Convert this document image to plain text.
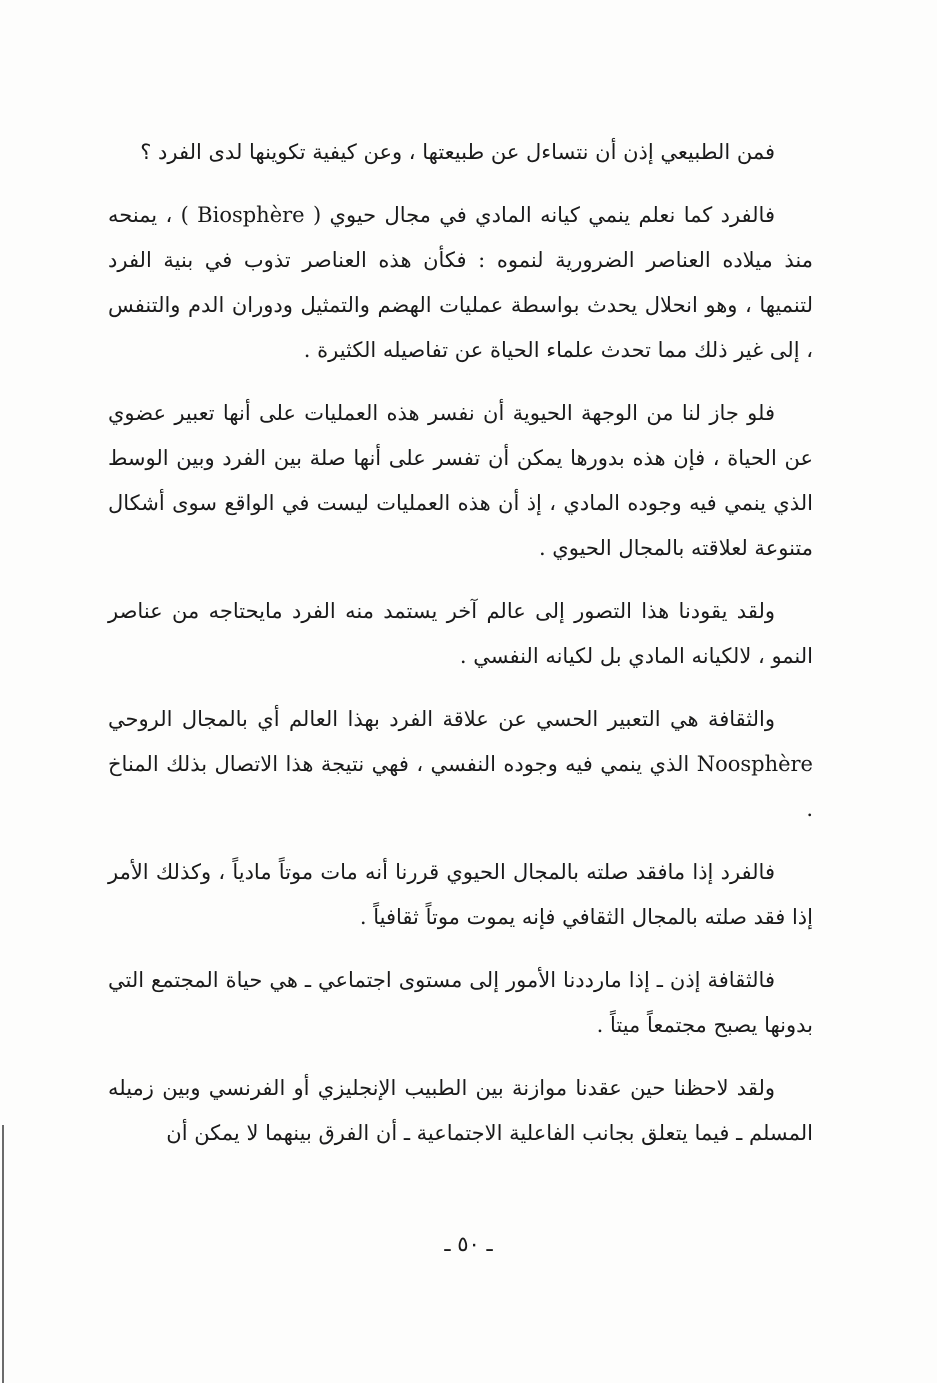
فمن الطبيعي إذن أن نتساءل عن طبيعتها ، وعن كيفية تكوينها لدى الفرد ؟

فالفرد كما نعلم ينمي كيانه المادي في مجال حيوي ( Biosphère ) ، يمنحه منذ ميلاده العناصر الضرورية لنموه : فكأن هذه العناصر تذوب في بنية الفرد لتنميها ، وهو انحلال يحدث بواسطة عمليات الهضم والتمثيل ودوران الدم والتنفس ، إلى غير ذلك مما تحدث علماء الحياة عن تفاصيله الكثيرة .

فلو جاز لنا من الوجهة الحيوية أن نفسر هذه العمليات على أنها تعبير عضوي عن الحياة ، فإن هذه بدورها يمكن أن تفسر على أنها صلة بين الفرد وبين الوسط الذي ينمي فيه وجوده المادي ، إذ أن هذه العمليات ليست في الواقع سوى أشكال متنوعة لعلاقته بالمجال الحيوي .

ولقد يقودنا هذا التصور إلى عالم آخر يستمد منه الفرد مايحتاجه من عناصر النمو ، لالكيانه المادي بل لكيانه النفسي .

والثقافة هي التعبير الحسي عن علاقة الفرد بهذا العالم أي بالمجال الروحي Noosphère الذي ينمي فيه وجوده النفسي ، فهي نتيجة هذا الاتصال بذلك المناخ .

فالفرد إذا مافقد صلته بالمجال الحيوي قررنا أنه مات موتاً مادياً ، وكذلك الأمر إذا فقد صلته بالمجال الثقافي فإنه يموت موتاً ثقافياً .

فالثقافة إذن ـ إذا مارددنا الأمور إلى مستوى اجتماعي ـ هي حياة المجتمع التي بدونها يصبح مجتمعاً ميتاً .

ولقد لاحظنا حين عقدنا موازنة بين الطبيب الإنجليزي أو الفرنسي وبين زميله المسلم ـ فيما يتعلق بجانب الفاعلية الاجتماعية ـ أن الفرق بينهما لا يمكن أن

ـ ٥٠ ـ
